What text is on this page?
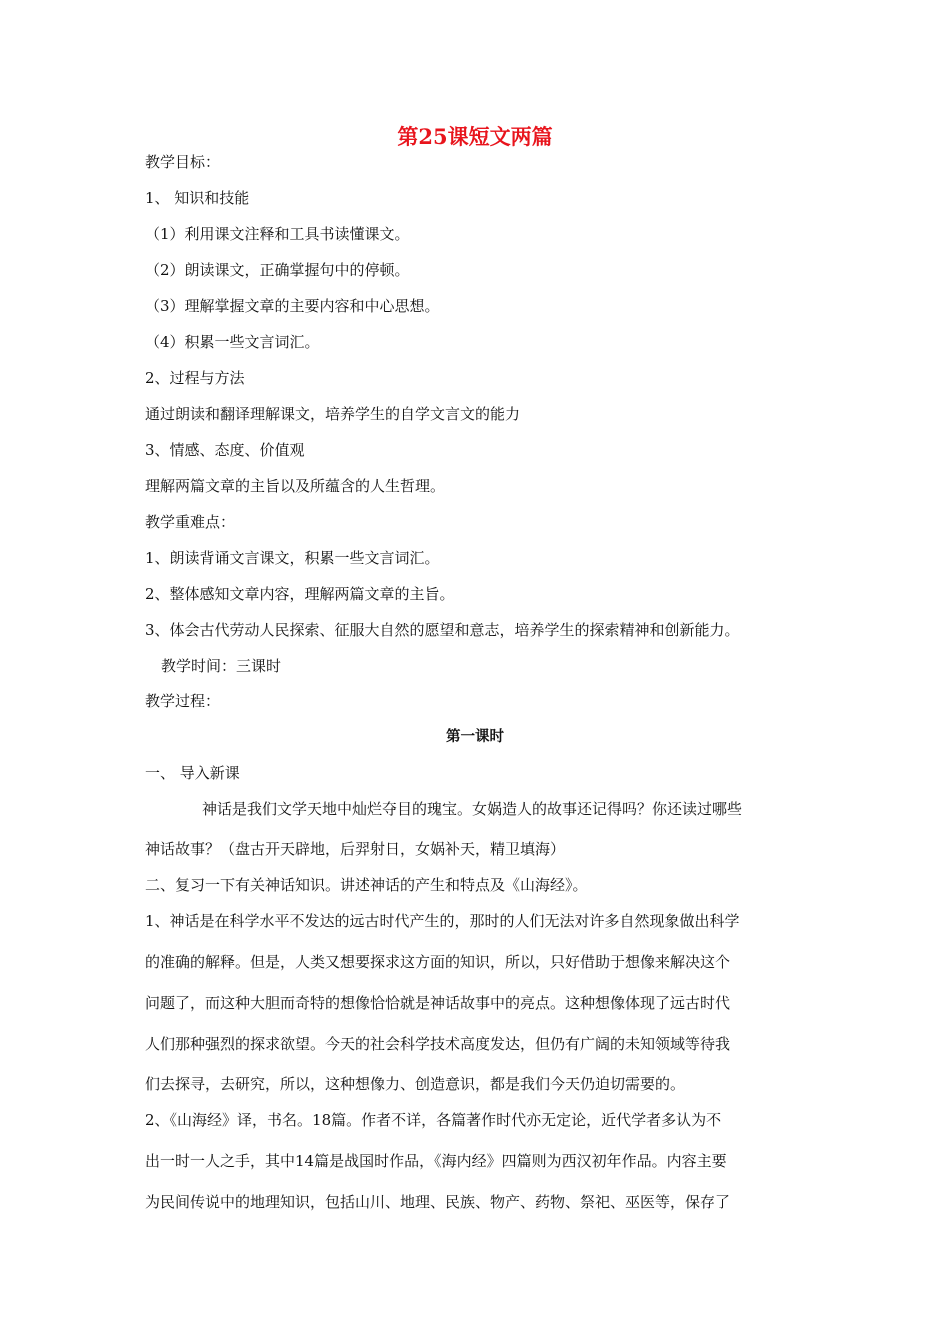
第25课短文两篇
教学目标：
1、 知识和技能
（1）利用课文注释和工具书读懂课文。
（2）朗读课文，正确掌握句中的停顿。
（3）理解掌握文章的主要内容和中心思想。
（4）积累一些文言词汇。
2、过程与方法
通过朗读和翻译理解课文，培养学生的自学文言文的能力
3、情感、态度、价值观
理解两篇文章的主旨以及所蕴含的人生哲理。
教学重难点：
1、朗读背诵文言课文，积累一些文言词汇。
2、整体感知文章内容，理解两篇文章的主旨。
3、体会古代劳动人民探索、征服大自然的愿望和意志，培养学生的探索精神和创新能力。
教学时间：三课时
教学过程：
第一课时
一、 导入新课
神话是我们文学天地中灿烂夺目的瑰宝。女娲造人的故事还记得吗？你还读过哪些
神话故事？（盘古开天辟地，后羿射日，女娲补天，精卫填海）
二、复习一下有关神话知识。讲述神话的产生和特点及《山海经》。
1、神话是在科学水平不发达的远古时代产生的，那时的人们无法对许多自然现象做出科学
的准确的解释。但是，人类又想要探求这方面的知识，所以，只好借助于想像来解决这个
问题了，而这种大胆而奇特的想像恰恰就是神话故事中的亮点。这种想像体现了远古时代
人们那种强烈的探求欲望。今天的社会科学技术高度发达，但仍有广阔的未知领域等待我
们去探寻，去研究，所以，这种想像力、创造意识，都是我们今天仍迫切需要的。
2、《山海经》译，书名。18篇。作者不详，各篇著作时代亦无定论，近代学者多认为不
出一时一人之手，其中14篇是战国时作品，《海内经》四篇则为西汉初年作品。内容主要
为民间传说中的地理知识，包括山川、地理、民族、物产、药物、祭祀、巫医等，保存了
